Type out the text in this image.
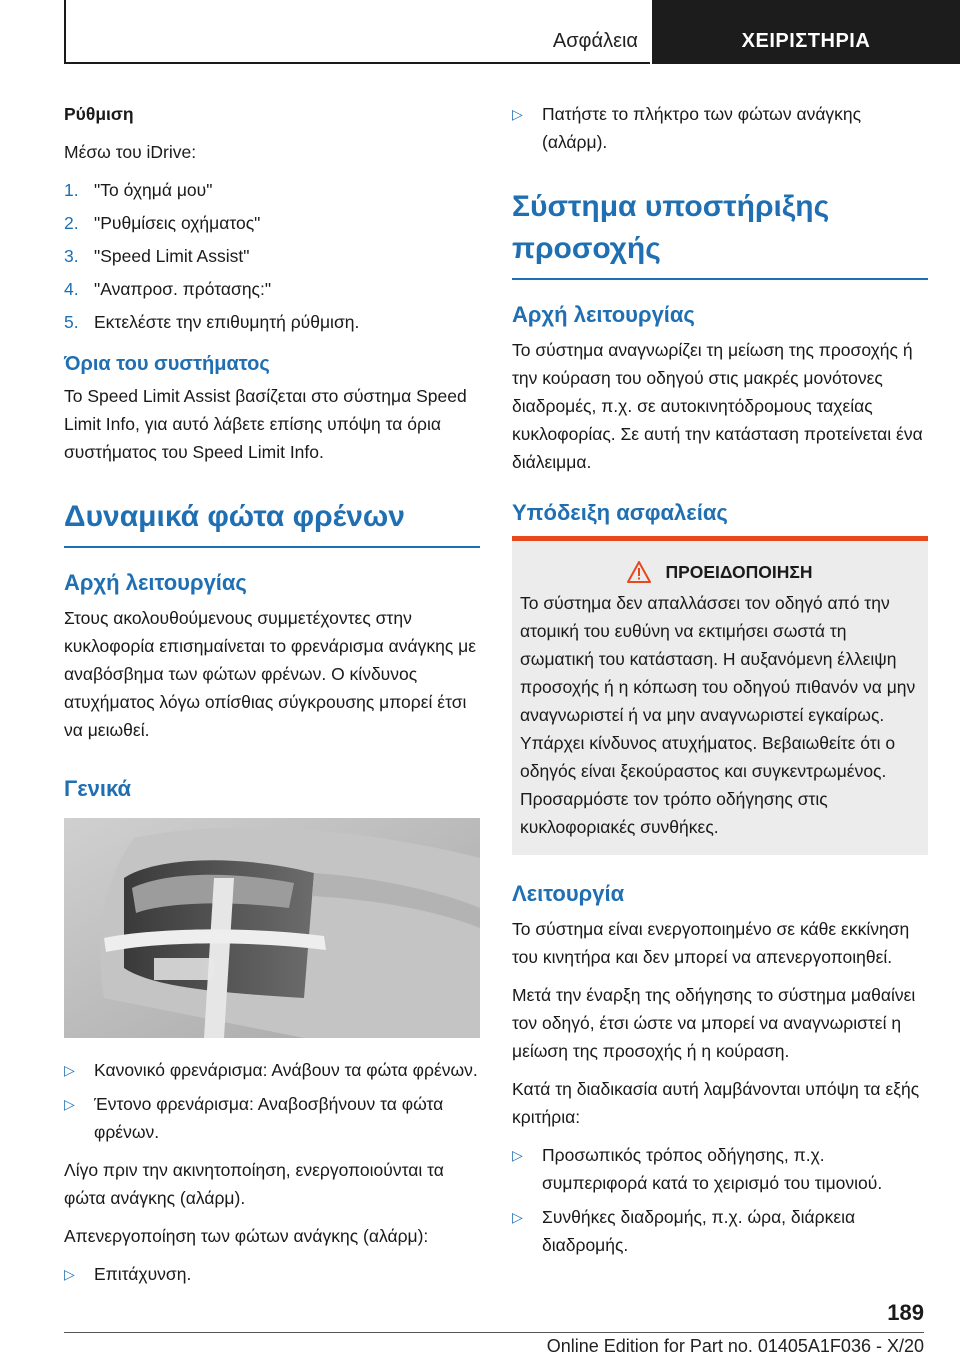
Ασφάλεια	ΧΕΙΡΙΣΤΗΡΙΑ

Ρύθμιση

Μέσω του iDrive:

1. "Το όχημά μου"
2. "Ρυθμίσεις οχήματος"
3. "Speed Limit Assist"
4. "Αναπροσ. πρότασης:"
5. Εκτελέστε την επιθυμητή ρύθμιση.
Όρια του συστήματος

Το Speed Limit Assist βασίζεται στο σύστημα Speed Limit Info, για αυτό λάβετε επίσης υπόψη τα όρια συστήματος του Speed Limit Info.

Δυναμικά φώτα φρένων
Αρχή λειτουργίας

Στους ακολουθούμενους συμμετέχοντες στην κυκλοφορία επισημαίνεται το φρενάρισμα ανάγκης με αναβόσβημα των φώτων φρένων. Ο κίνδυνος ατυχήματος λόγω οπίσθιας σύγκρουσης μπορεί έτσι να μειωθεί.

Γενικά
▷	Κανονικό φρενάρισμα: Ανάβουν τα φώτα φρένων.
▷	Έντονο φρενάρισμα: Αναβοσβήνουν τα φώτα φρένων.

Λίγο πριν την ακινητοποίηση, ενεργοποιούνται τα φώτα ανάγκης (αλάρμ).

Απενεργοποίηση των φώτων ανάγκης (αλάρμ):

▷	Επιτάχυνση.
▷	Πατήστε το πλήκτρο των φώτων ανάγκης (αλάρμ).
Σύστημα υποστήριξης προσοχής
Αρχή λειτουργίας

Το σύστημα αναγνωρίζει τη μείωση της προσοχής ή την κούραση του οδηγού στις μακρές μονότονες διαδρομές, π.χ. σε αυτοκινητόδρομους ταχείας κυκλοφορίας. Σε αυτή την κατάσταση προτείνεται ένα διάλειμμα.

Υπόδειξη ασφαλείας
ΠΡΟΕΙΔΟΠΟΙΗΣΗ

Το σύστημα δεν απαλλάσσει τον οδηγό από την ατομική του ευθύνη να εκτιμήσει σωστά τη σωματική του κατάσταση. Η αυξανόμενη έλλειψη προσοχής ή η κόπωση του οδηγού πιθανόν να μην αναγνωριστεί ή να μην αναγνωριστεί εγκαίρως. Υπάρχει κίνδυνος ατυχήματος. Βεβαιωθείτε ότι ο οδηγός είναι ξεκούραστος και συγκεντρωμένος. Προσαρμόστε τον τρόπο οδήγησης στις κυκλοφοριακές συνθήκες.

Λειτουργία

Το σύστημα είναι ενεργοποιημένο σε κάθε εκκίνηση του κινητήρα και δεν μπορεί να απενεργοποιηθεί.

Μετά την έναρξη της οδήγησης το σύστημα μαθαίνει τον οδηγό, έτσι ώστε να μπορεί να αναγνωριστεί η μείωση της προσοχής ή η κούραση.

Κατά τη διαδικασία αυτή λαμβάνονται υπόψη τα εξής κριτήρια:

▷	Προσωπικός τρόπος οδήγησης, π.χ. συμπεριφορά κατά το χειρισμό του τιμονιού.
▷	Συνθήκες διαδρομής, π.χ. ώρα, διάρκεια διαδρομής.
189
Online Edition for Part no. 01405A1F036 - X/20
